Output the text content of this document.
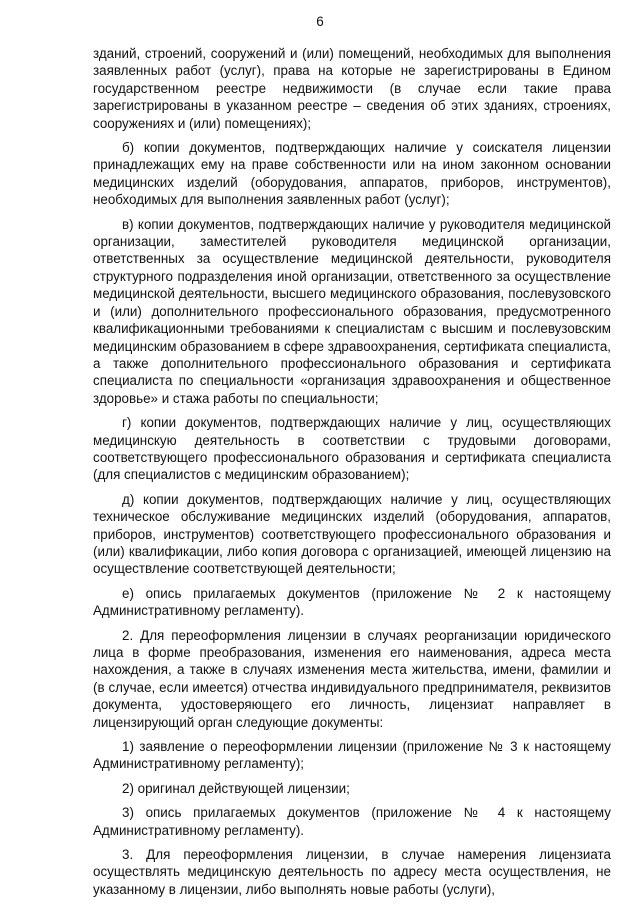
6

зданий, строений, сооружений и (или) помещений, необходимых для выполнения заявленных работ (услуг), права на которые не зарегистрированы в Едином государственном реестре недвижимости (в случае если такие права зарегистрированы в указанном реестре – сведения об этих зданиях, строениях, сооружениях и (или) помещениях);

б) копии документов, подтверждающих наличие у соискателя лицензии принадлежащих ему на праве собственности или на ином законном основании медицинских изделий (оборудования, аппаратов, приборов, инструментов), необходимых для выполнения заявленных работ (услуг);

в) копии документов, подтверждающих наличие у руководителя медицинской организации, заместителей руководителя медицинской организации, ответственных за осуществление медицинской деятельности, руководителя структурного подразделения иной организации, ответственного за осуществление медицинской деятельности, высшего медицинского образования, послевузовского и (или) дополнительного профессионального образования, предусмотренного квалификационными требованиями к специалистам с высшим и послевузовским медицинским образованием в сфере здравоохранения, сертификата специалиста, а также дополнительного профессионального образования и сертификата специалиста по специальности «организация здравоохранения и общественное здоровье» и стажа работы по специальности;

г) копии документов, подтверждающих наличие у лиц, осуществляющих медицинскую деятельность в соответствии с трудовыми договорами, соответствующего профессионального образования и сертификата специалиста (для специалистов с медицинским образованием);

д) копии документов, подтверждающих наличие у лиц, осуществляющих техническое обслуживание медицинских изделий (оборудования, аппаратов, приборов, инструментов) соответствующего профессионального образования и (или) квалификации, либо копия договора с организацией, имеющей лицензию на осуществление соответствующей деятельности;

е) опись прилагаемых документов (приложение № 2 к настоящему Административному регламенту).

2. Для переоформления лицензии в случаях реорганизации юридического лица в форме преобразования, изменения его наименования, адреса места нахождения, а также в случаях изменения места жительства, имени, фамилии и (в случае, если имеется) отчества индивидуального предпринимателя, реквизитов документа, удостоверяющего его личность, лицензиат направляет в лицензирующий орган следующие документы:

1) заявление о переоформлении лицензии (приложение № 3 к настоящему Административному регламенту);

2) оригинал действующей лицензии;

3) опись прилагаемых документов (приложение № 4 к настоящему Административному регламенту).

3. Для переоформления лицензии, в случае намерения лицензиата осуществлять медицинскую деятельность по адресу места осуществления, не указанному в лицензии, либо выполнять новые работы (услуги),
